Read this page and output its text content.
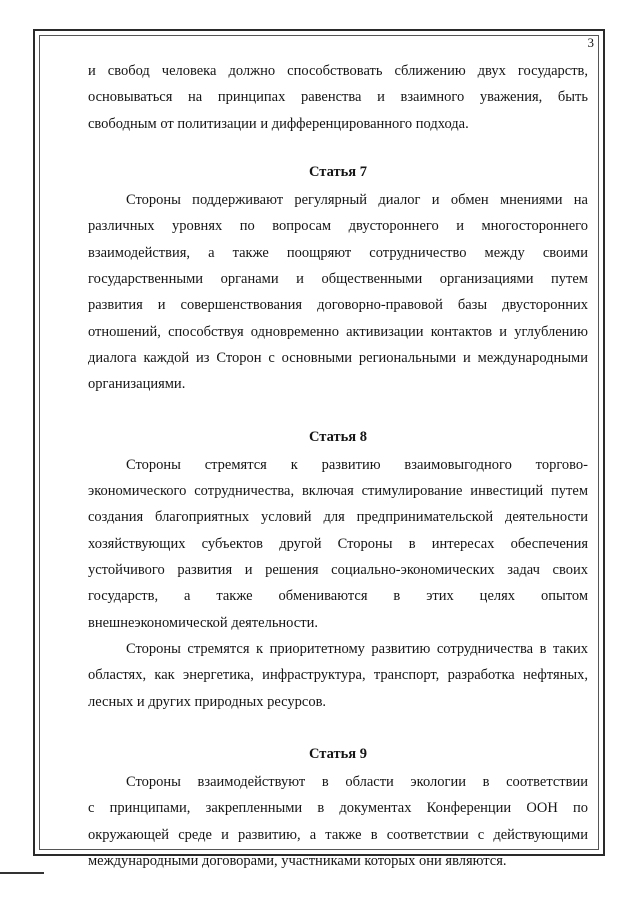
3
и свобод человека должно способствовать сближению двух государств,
основываться на принципах равенства и взаимного уважения, быть
свободным от политизации и дифференцированного подхода.
Статья 7
Стороны поддерживают регулярный диалог и обмен мнениями на
различных уровнях по вопросам двустороннего и многостороннего
взаимодействия, а также поощряют сотрудничество между своими
государственными органами и общественными организациями путем
развития и совершенствования договорно-правовой базы двусторонних
отношений, способствуя одновременно активизации контактов и углублению
диалога каждой из Сторон с основными региональными и международными
организациями.
Статья 8
Стороны стремятся к развитию взаимовыгодного торгово-
экономического сотрудничества, включая стимулирование инвестиций путем
создания благоприятных условий для предпринимательской деятельности
хозяйствующих субъектов другой Стороны в интересах обеспечения
устойчивого развития и решения социально-экономических задач своих
государств, а также обмениваются в этих целях опытом
внешнеэкономической деятельности.
Стороны стремятся к приоритетному развитию сотрудничества в таких
областях, как энергетика, инфраструктура, транспорт, разработка нефтяных,
лесных и других природных ресурсов.
Статья 9
Стороны взаимодействуют в области экологии в соответствии
с принципами, закрепленными в документах Конференции ООН по
окружающей среде и развитию, а также в соответствии с действующими
международными договорами, участниками которых они являются.
